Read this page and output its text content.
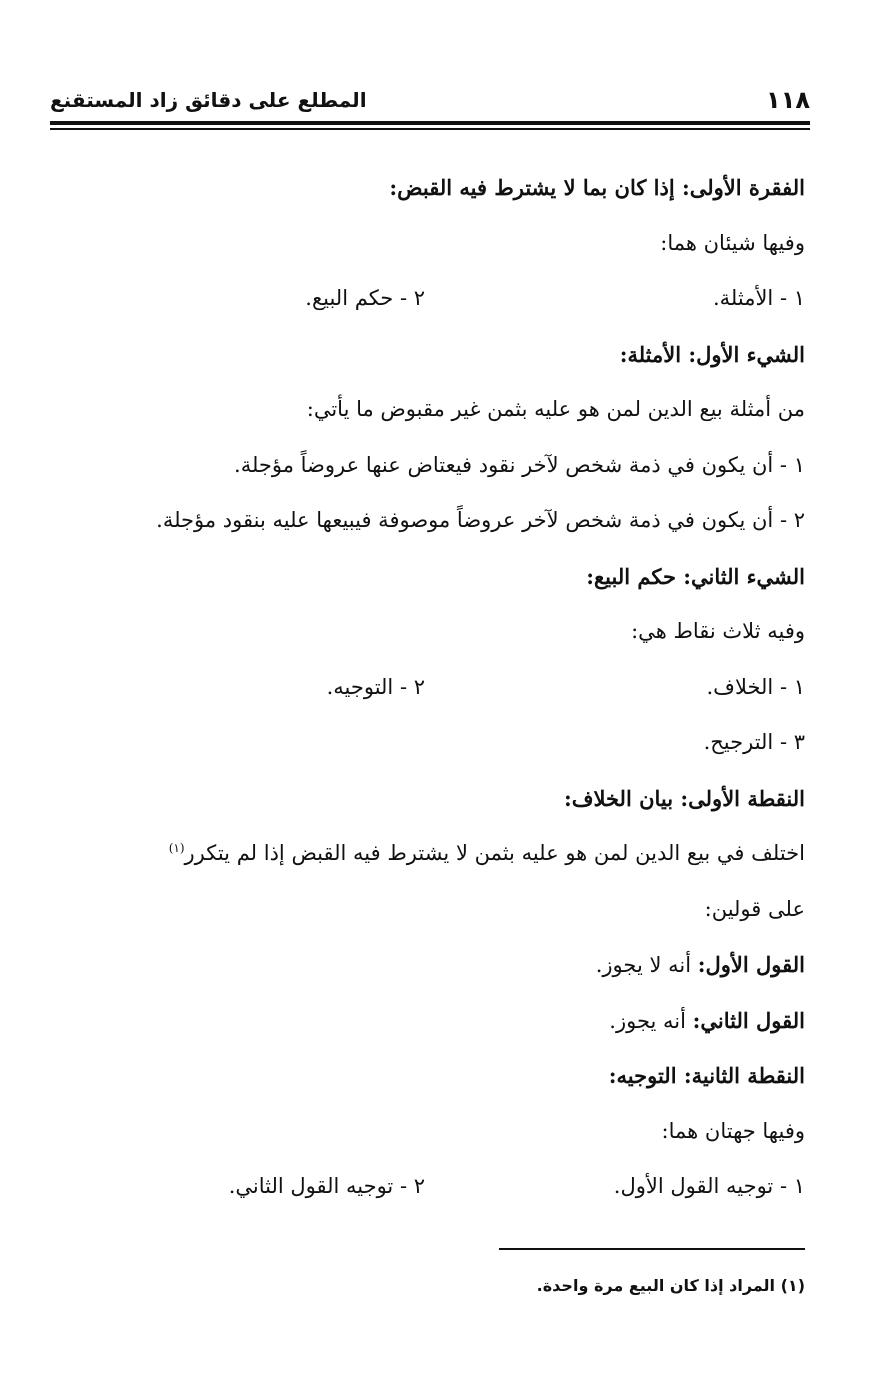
١١٨
المطلع على دقائق زاد المستقنع
الفقرة الأولى: إذا كان بما لا يشترط فيه القبض:
وفيها شيئان هما:
١ - الأمثلة.
٢ - حكم البيع.
الشيء الأول: الأمثلة:
من أمثلة بيع الدين لمن هو عليه بثمن غير مقبوض ما يأتي:
١ - أن يكون في ذمة شخص لآخر نقود فيعتاض عنها عروضاً مؤجلة.
٢ - أن يكون في ذمة شخص لآخر عروضاً موصوفة فيبيعها عليه بنقود مؤجلة.
الشيء الثاني: حكم البيع:
وفيه ثلاث نقاط هي:
١ - الخلاف.
٢ - التوجيه.
٣ - الترجيح.
النقطة الأولى: بيان الخلاف:
اختلف في بيع الدين لمن هو عليه بثمن لا يشترط فيه القبض إذا لم يتكرر$^{(١)}$
على قولين:
القول الأول: أنه لا يجوز.
القول الثاني: أنه يجوز.
النقطة الثانية: التوجيه:
وفيها جهتان هما:
١ - توجيه القول الأول.
٢ - توجيه القول الثاني.
(١) المراد إذا كان البيع مرة واحدة.
